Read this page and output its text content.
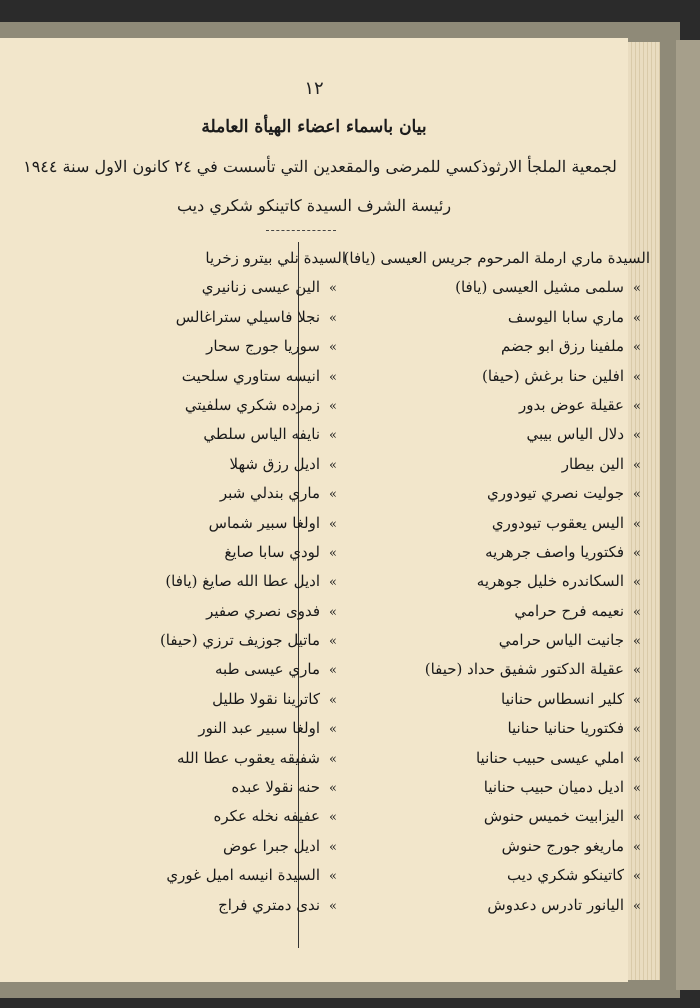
١٢
بيان باسماء اعضاء الهيأة العاملة
لجمعية الملجأ الارثوذكسي للمرضى والمقعدين التي تأسست في ٢٤ كانون الاول سنة ١٩٤٤
رئيسة الشرف السيدة كاتينكو شكري ديب
السيدة ماري ارملة المرحوم جريس العيسى (يافا)
»سلمى مشيل العيسى (يافا)
»ماري سابا اليوسف
»ملفينا رزق ابو جضم
»افلين حنا برغش (حيفا)
»عقيلة عوض بدور
»دلال الياس بيبي
»الين بيطار
»جوليت نصري تيودوري
»اليس يعقوب تيودوري
»فكتوريا واصف جرهريه
»السكاندره خليل جوهريه
»نعيمه فرح حرامي
»جانيت الياس حرامي
»عقيلة الدكتور شفيق حداد (حيفا)
»كلير انسطاس حنانيا
»فكتوريا حنانيا حنانيا
»املي عيسى حبيب حنانيا
»اديل دميان حبيب حنانيا
»اليزابيت خميس حنوش
»ماريغو جورج حنوش
»كاتينكو شكري ديب
»اليانور تادرس دعدوش
السيدة نلي بيترو زخريا
»الين عيسى زنانيري
»نجلا فاسيلي ستراغالس
»سوريا جورج سحار
»انيسه ستاوري سلحيت
»زمرده شكري سلفيتي
»نايفه الياس سلطي
»اديل رزق شهلا
»ماري بندلي شبر
»اولغا سبير شماس
»لودي سابا صايغ
»اديل عطا الله صايغ (يافا)
»فدوى نصري صفير
»ماتيل جوزيف ترزي (حيفا)
»ماري عيسى طبه
»كاترينا نقولا طليل
»اولغا سبير عبد النور
»شفيقه يعقوب عطا الله
»حنه نقولا عبده
»عفيفه نخله عكره
»اديل جبرا عوض
»السيدة انيسه اميل غوري
»ندى دمتري فراج
